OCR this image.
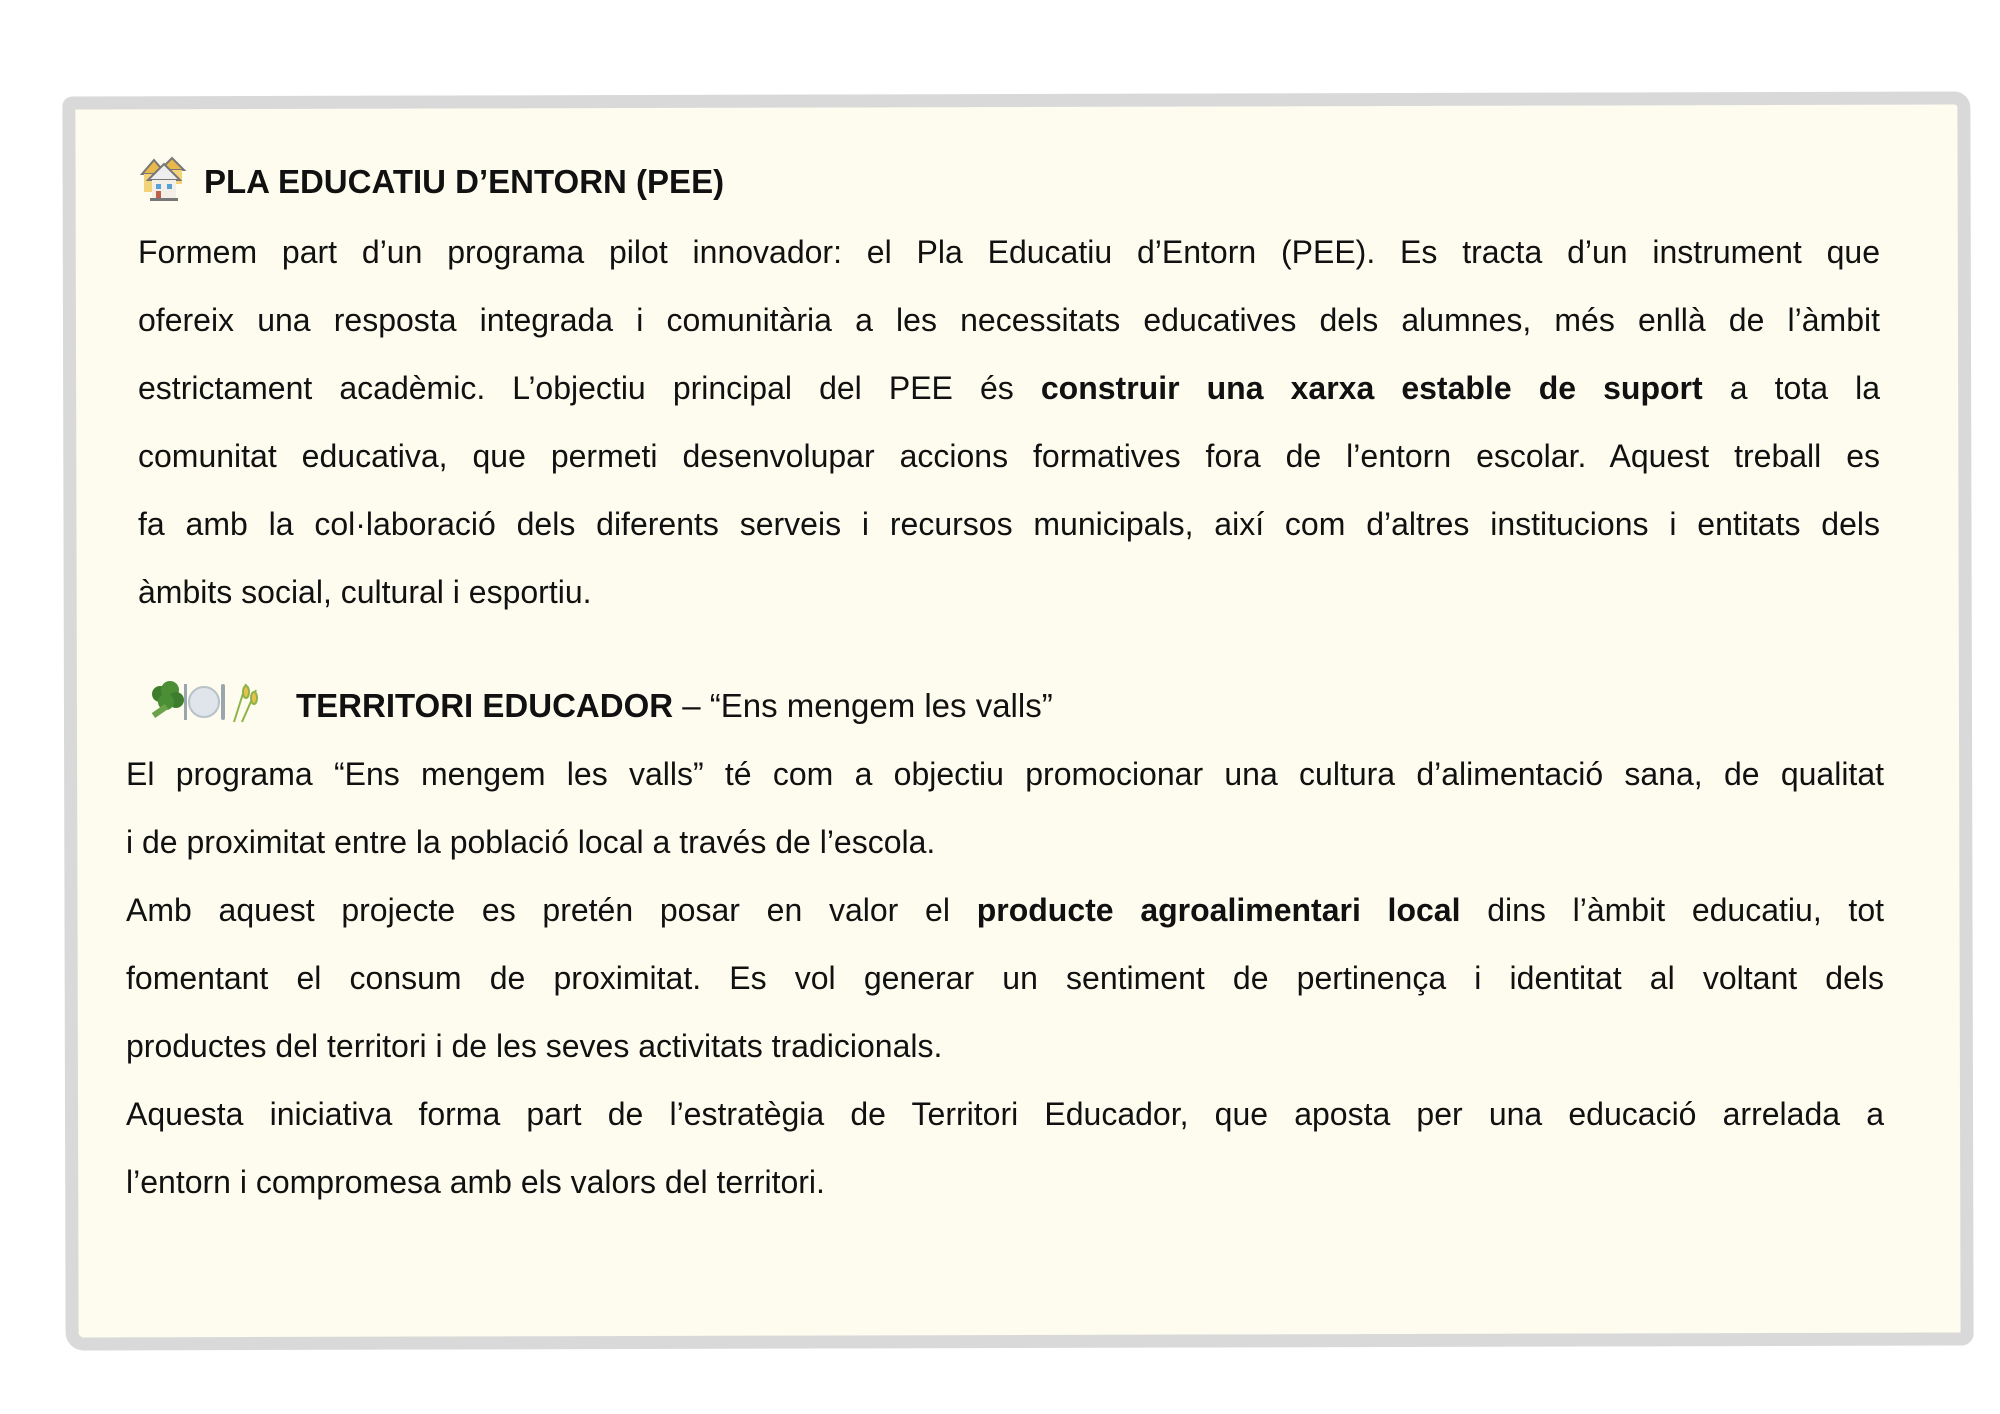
PLA EDUCATIU D’ENTORN (PEE)
Formem part d’un programa pilot innovador: el Pla Educatiu d’Entorn (PEE). Es tracta d’un instrument que
ofereix una resposta integrada i comunitària a les necessitats educatives dels alumnes, més enllà de l’àmbit
estrictament acadèmic. L’objectiu principal del PEE és construir una xarxa estable de suport a tota la
comunitat educativa, que permeti desenvolupar accions formatives fora de l’entorn escolar. Aquest treball es
fa amb la col·laboració dels diferents serveis i recursos municipals, així com d’altres institucions i entitats dels
àmbits social, cultural i esportiu.
TERRITORI EDUCADOR – “Ens mengem les valls”
El programa “Ens mengem les valls” té com a objectiu promocionar una cultura d’alimentació sana, de qualitat
i de proximitat entre la població local a través de l’escola.
Amb aquest projecte es pretén posar en valor el producte agroalimentari local dins l’àmbit educatiu, tot
fomentant el consum de proximitat. Es vol generar un sentiment de pertinença i identitat al voltant dels
productes del territori i de les seves activitats tradicionals.
Aquesta iniciativa forma part de l’estratègia de Territori Educador, que aposta per una educació arrelada a
l’entorn i compromesa amb els valors del territori.
